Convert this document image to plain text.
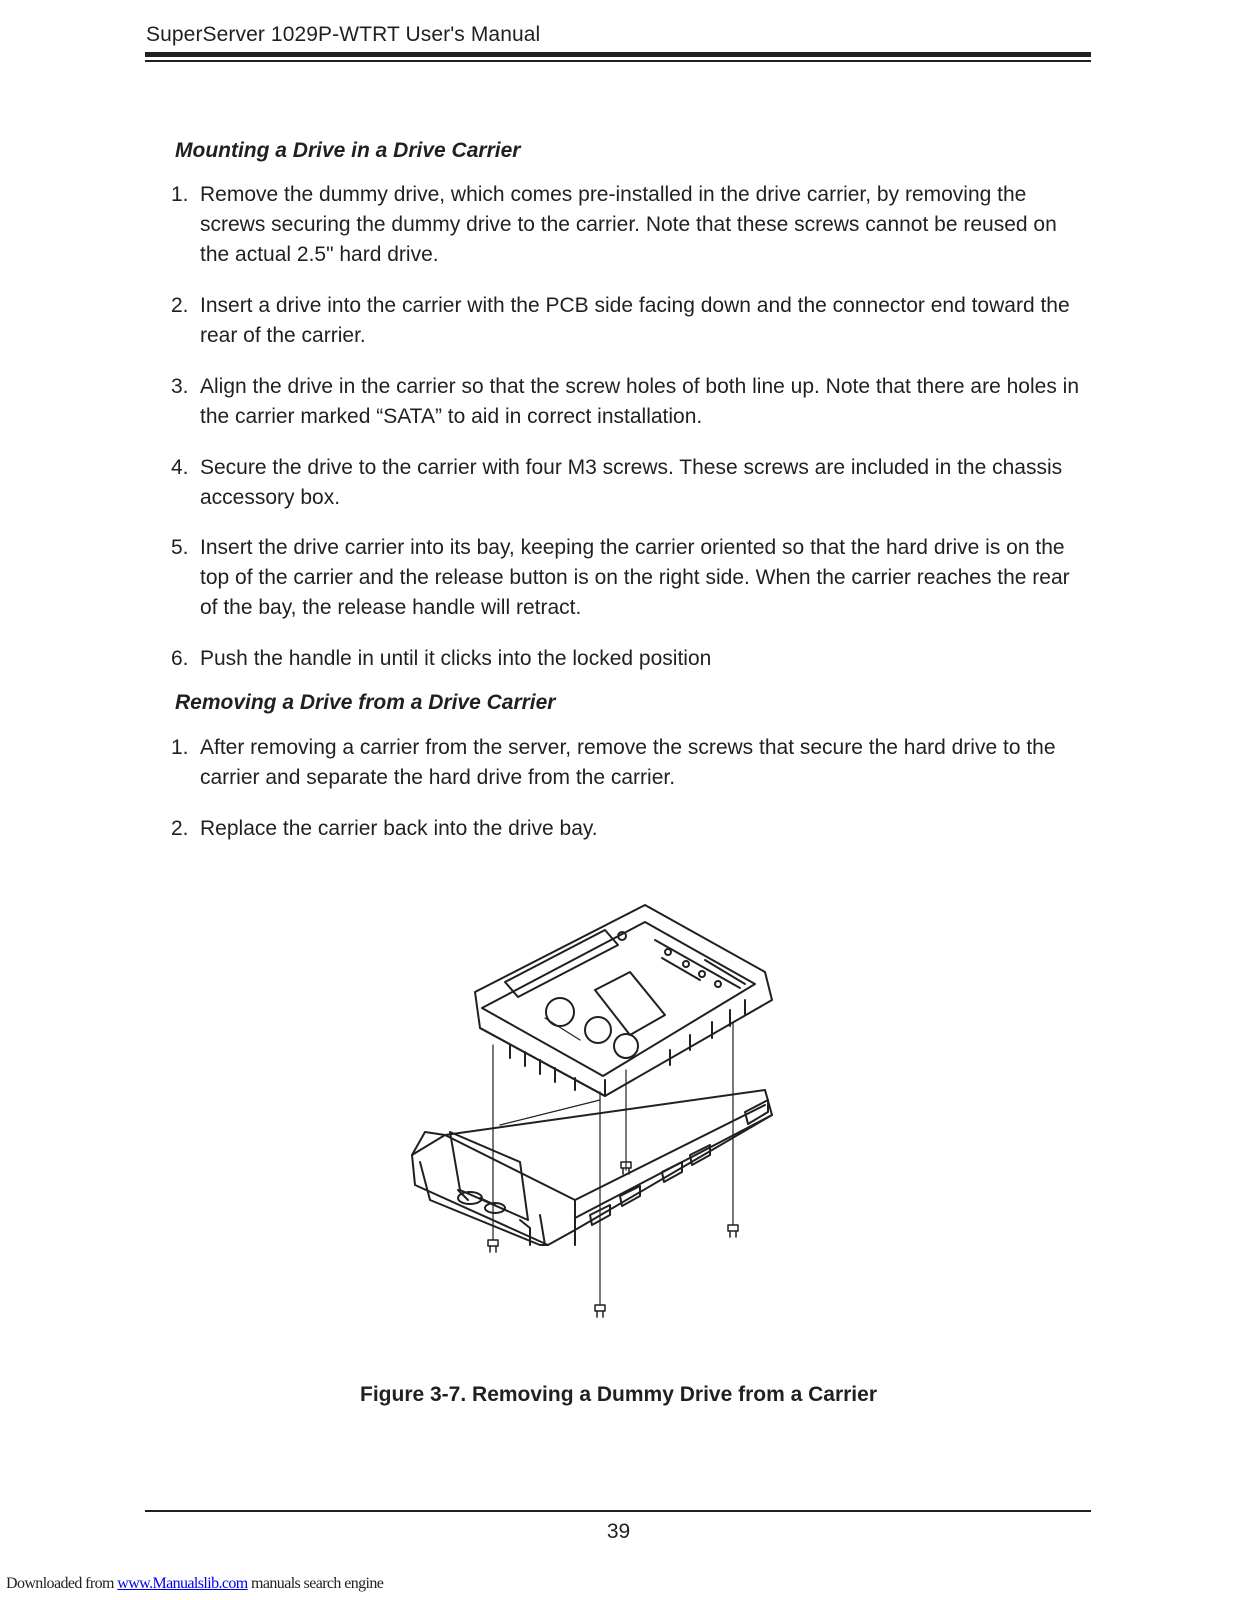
SuperServer 1029P-WTRT User's Manual
Mounting a Drive in a Drive Carrier
1. Remove the dummy drive, which comes pre-installed in the drive carrier, by removing the screws securing the dummy drive to the carrier. Note that these screws cannot be reused on the actual 2.5" hard drive.
2. Insert a drive into the carrier with the PCB side facing down and the connector end toward the rear of the carrier.
3. Align the drive in the carrier so that the screw holes of both line up. Note that there are holes in the carrier marked “SATA” to aid in correct installation.
4. Secure the drive to the carrier with four M3 screws. These screws are included in the chassis accessory box.
5. Insert the drive carrier into its bay, keeping the carrier oriented so that the hard drive is on the top of the carrier and the release button is on the right side. When the carrier reaches the rear of the bay, the release handle will retract.
6. Push the handle in until it clicks into the locked position
Removing a Drive from a Drive Carrier
1. After removing a carrier from the server, remove the screws that secure the hard drive to the carrier and separate the hard drive from the carrier.
2. Replace the carrier back into the drive bay.
Figure 3-7. Removing a Dummy Drive from a Carrier
39
Downloaded from www.Manualslib.com manuals search engine
